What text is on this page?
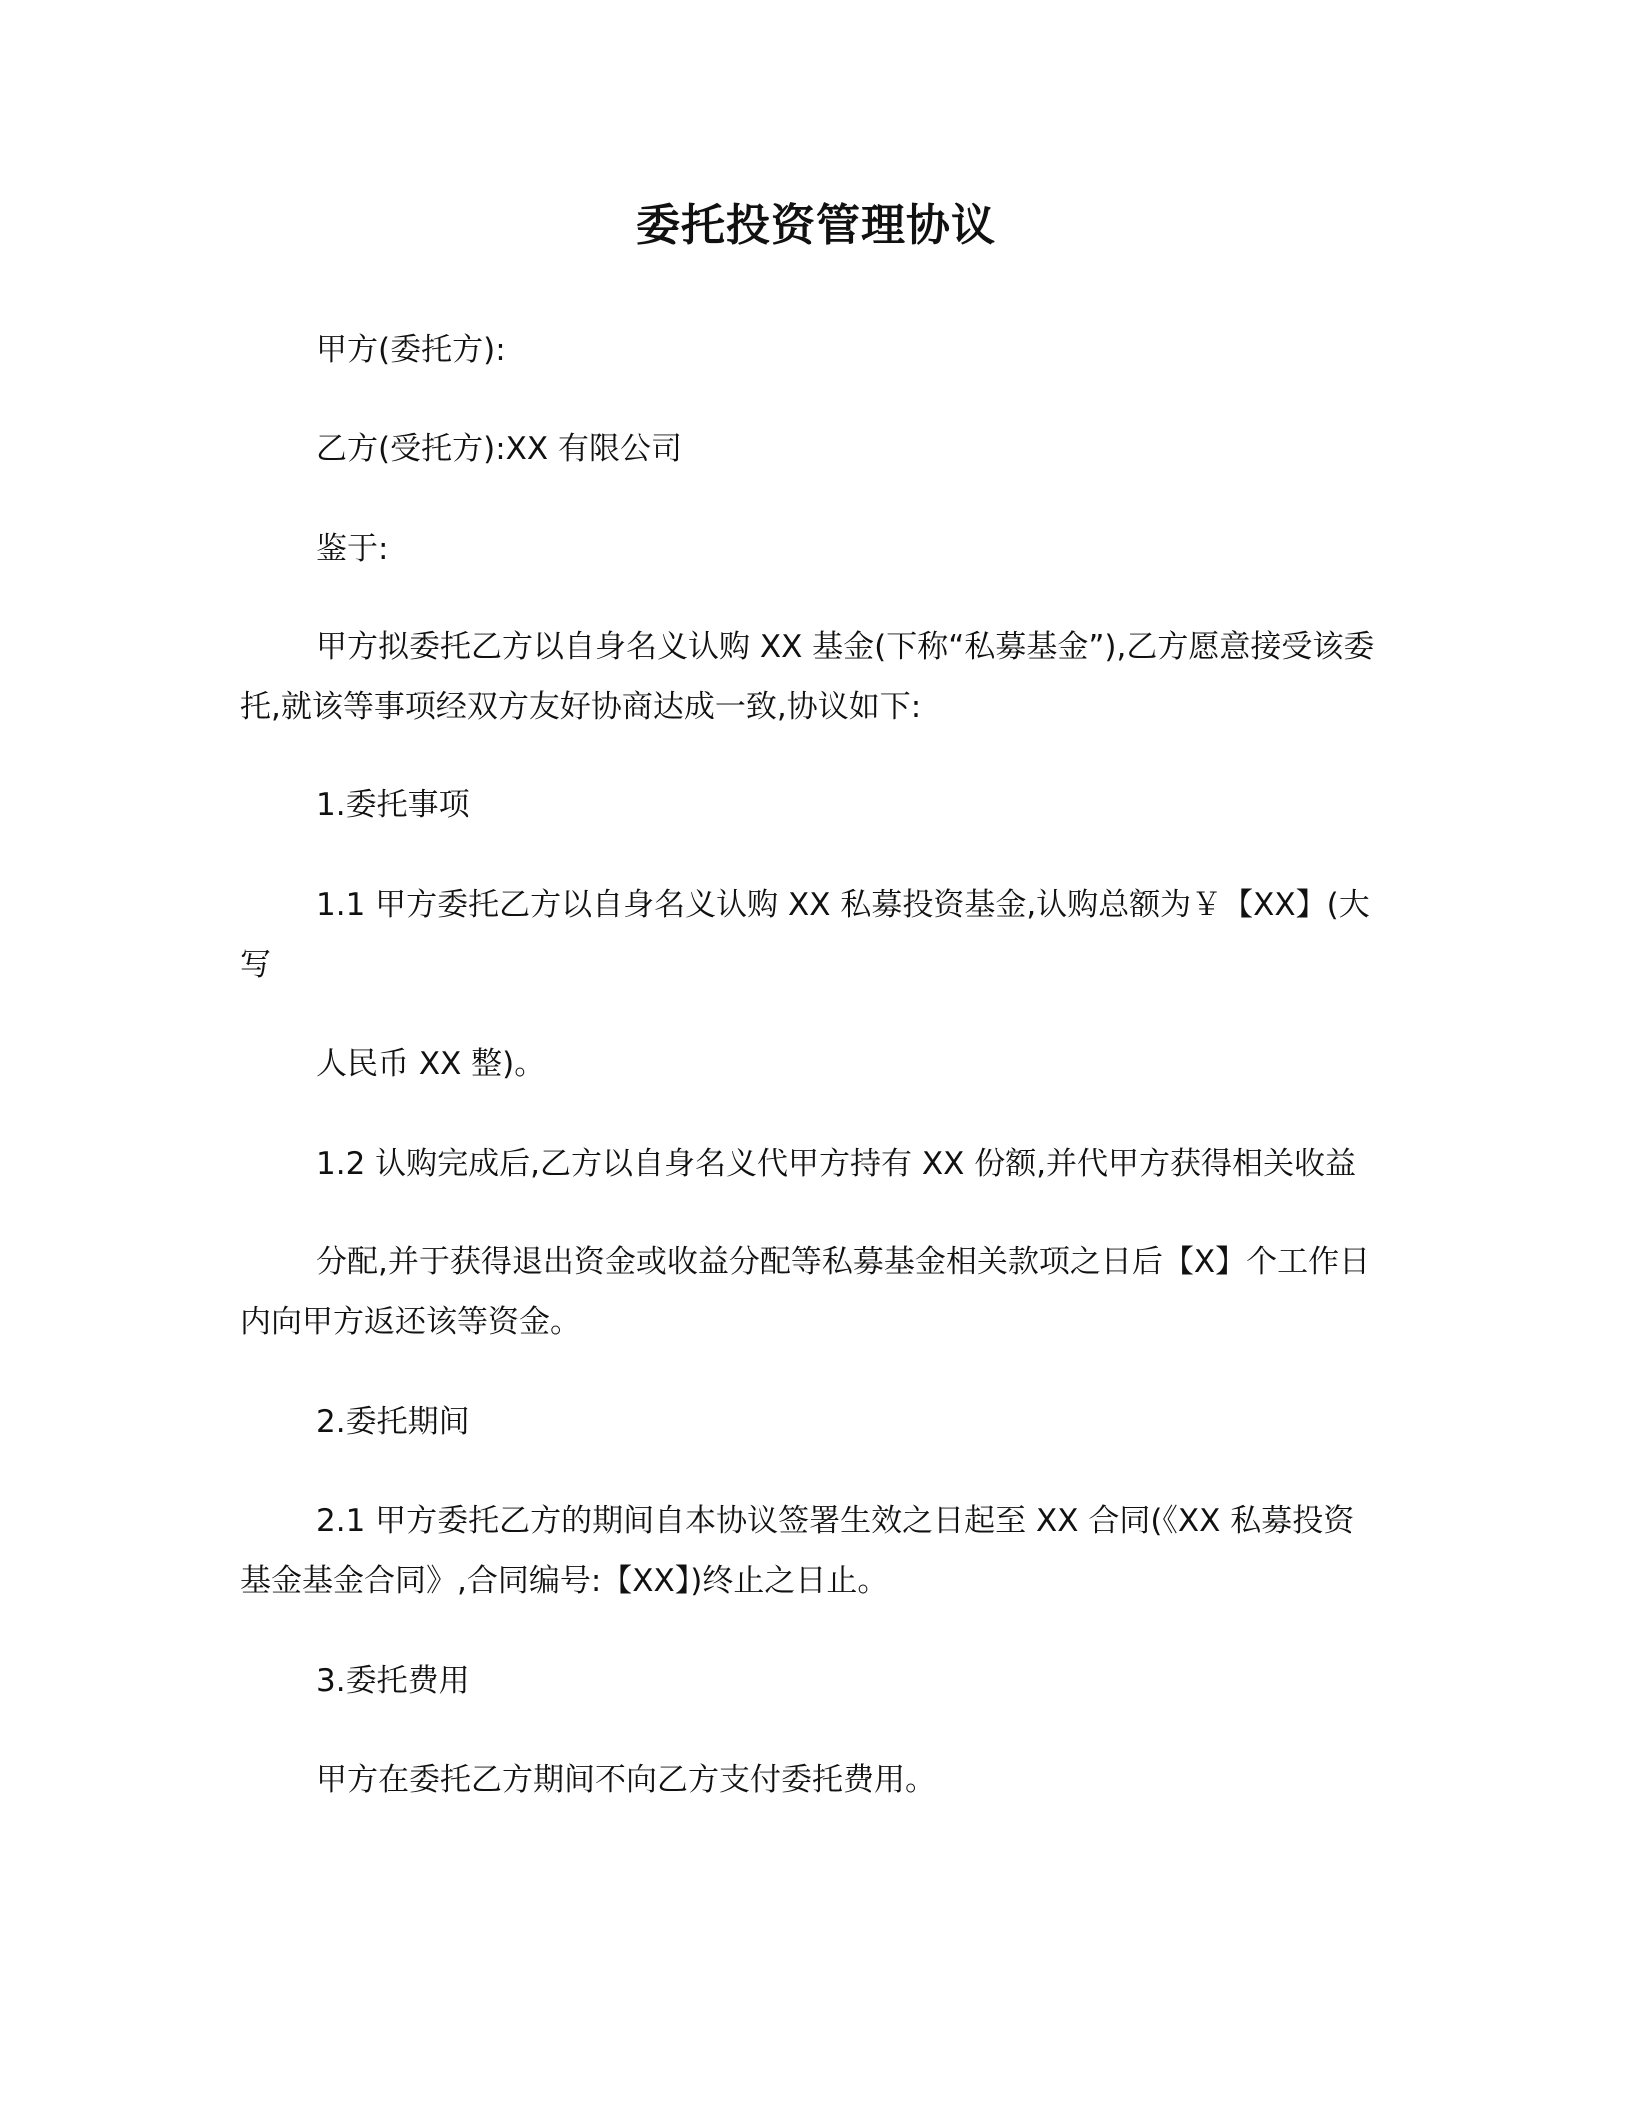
委托投资管理协议

甲方(委托方):

乙方(受托方):XX 有限公司

鉴于:

甲方拟委托乙方以自身名义认购 XX 基金(下称“私募基金”),乙方愿意接受该委托,就该等事项经双方友好协商达成一致,协议如下:

1.委托事项

1.1 甲方委托乙方以自身名义认购 XX 私募投资基金,认购总额为￥【XX】(大写

人民币 XX 整)。

1.2 认购完成后,乙方以自身名义代甲方持有 XX 份额,并代甲方获得相关收益

分配,并于获得退出资金或收益分配等私募基金相关款项之日后【X】个工作日内向甲方返还该等资金。

2.委托期间

2.1 甲方委托乙方的期间自本协议签署生效之日起至 XX 合同(《XX 私募投资基金基金合同》,合同编号:【XX】)终止之日止。

3.委托费用

甲方在委托乙方期间不向乙方支付委托费用。
